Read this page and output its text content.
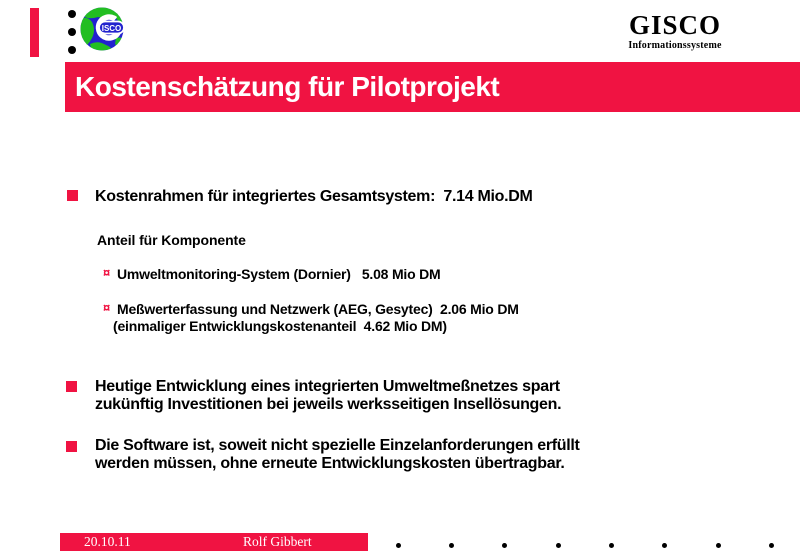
ISCO	GISCO
Informationssysteme
Kostenschätzung für Pilotprojekt
Kostenrahmen für integriertes Gesamtsystem:  7.14 Mio.DM
Anteil für Komponente
¤ Umweltmonitoring-System (Dornier)   5.08 Mio DM
¤ Meßwerterfassung und Netzwerk (AEG, Gesytec)  2.06 Mio DM
(einmaliger Entwicklungskostenanteil  4.62 Mio DM)
Heutige Entwicklung eines integrierten Umweltmeßnetzes spart
zukünftig Investitionen bei jeweils werksseitigen Insellösungen.
Die Software ist, soweit nicht spezielle Einzelanforderungen erfüllt
werden müssen, ohne erneute Entwicklungskosten übertragbar.
20.10.11	Rolf Gibbert
